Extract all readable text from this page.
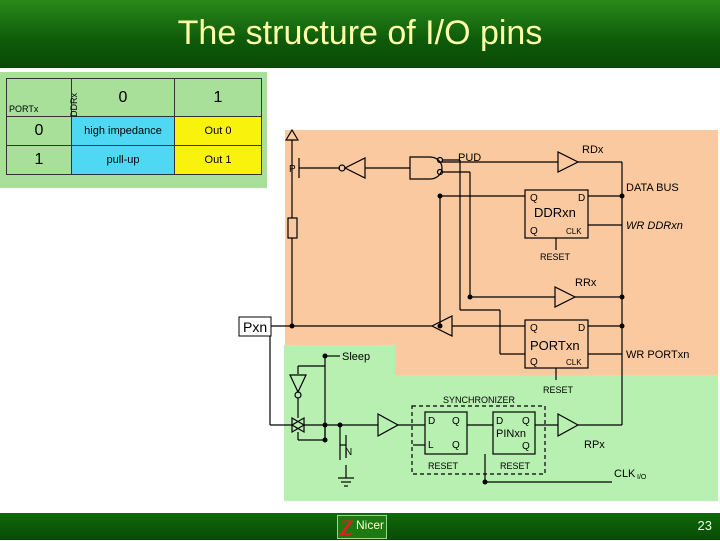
The structure of I/O pins
PORTx DDRx	0	1
0	high impedance	Out 0
1	pull-up	Out 1
Pxn
P
N
PUD
RDx
DATA BUS
Q	D
DDRxn
Q	CLK	WR DDRxn
RESET
RRx
Q	D
PORTxn
Q	CLK
WR PORTxn
RESET
Sleep
SYNCHRONIZER
D Q
L Q
D Q
PINxn
Q
RESET	RESET
RPx
CLK I/O
Z Nicer	23
